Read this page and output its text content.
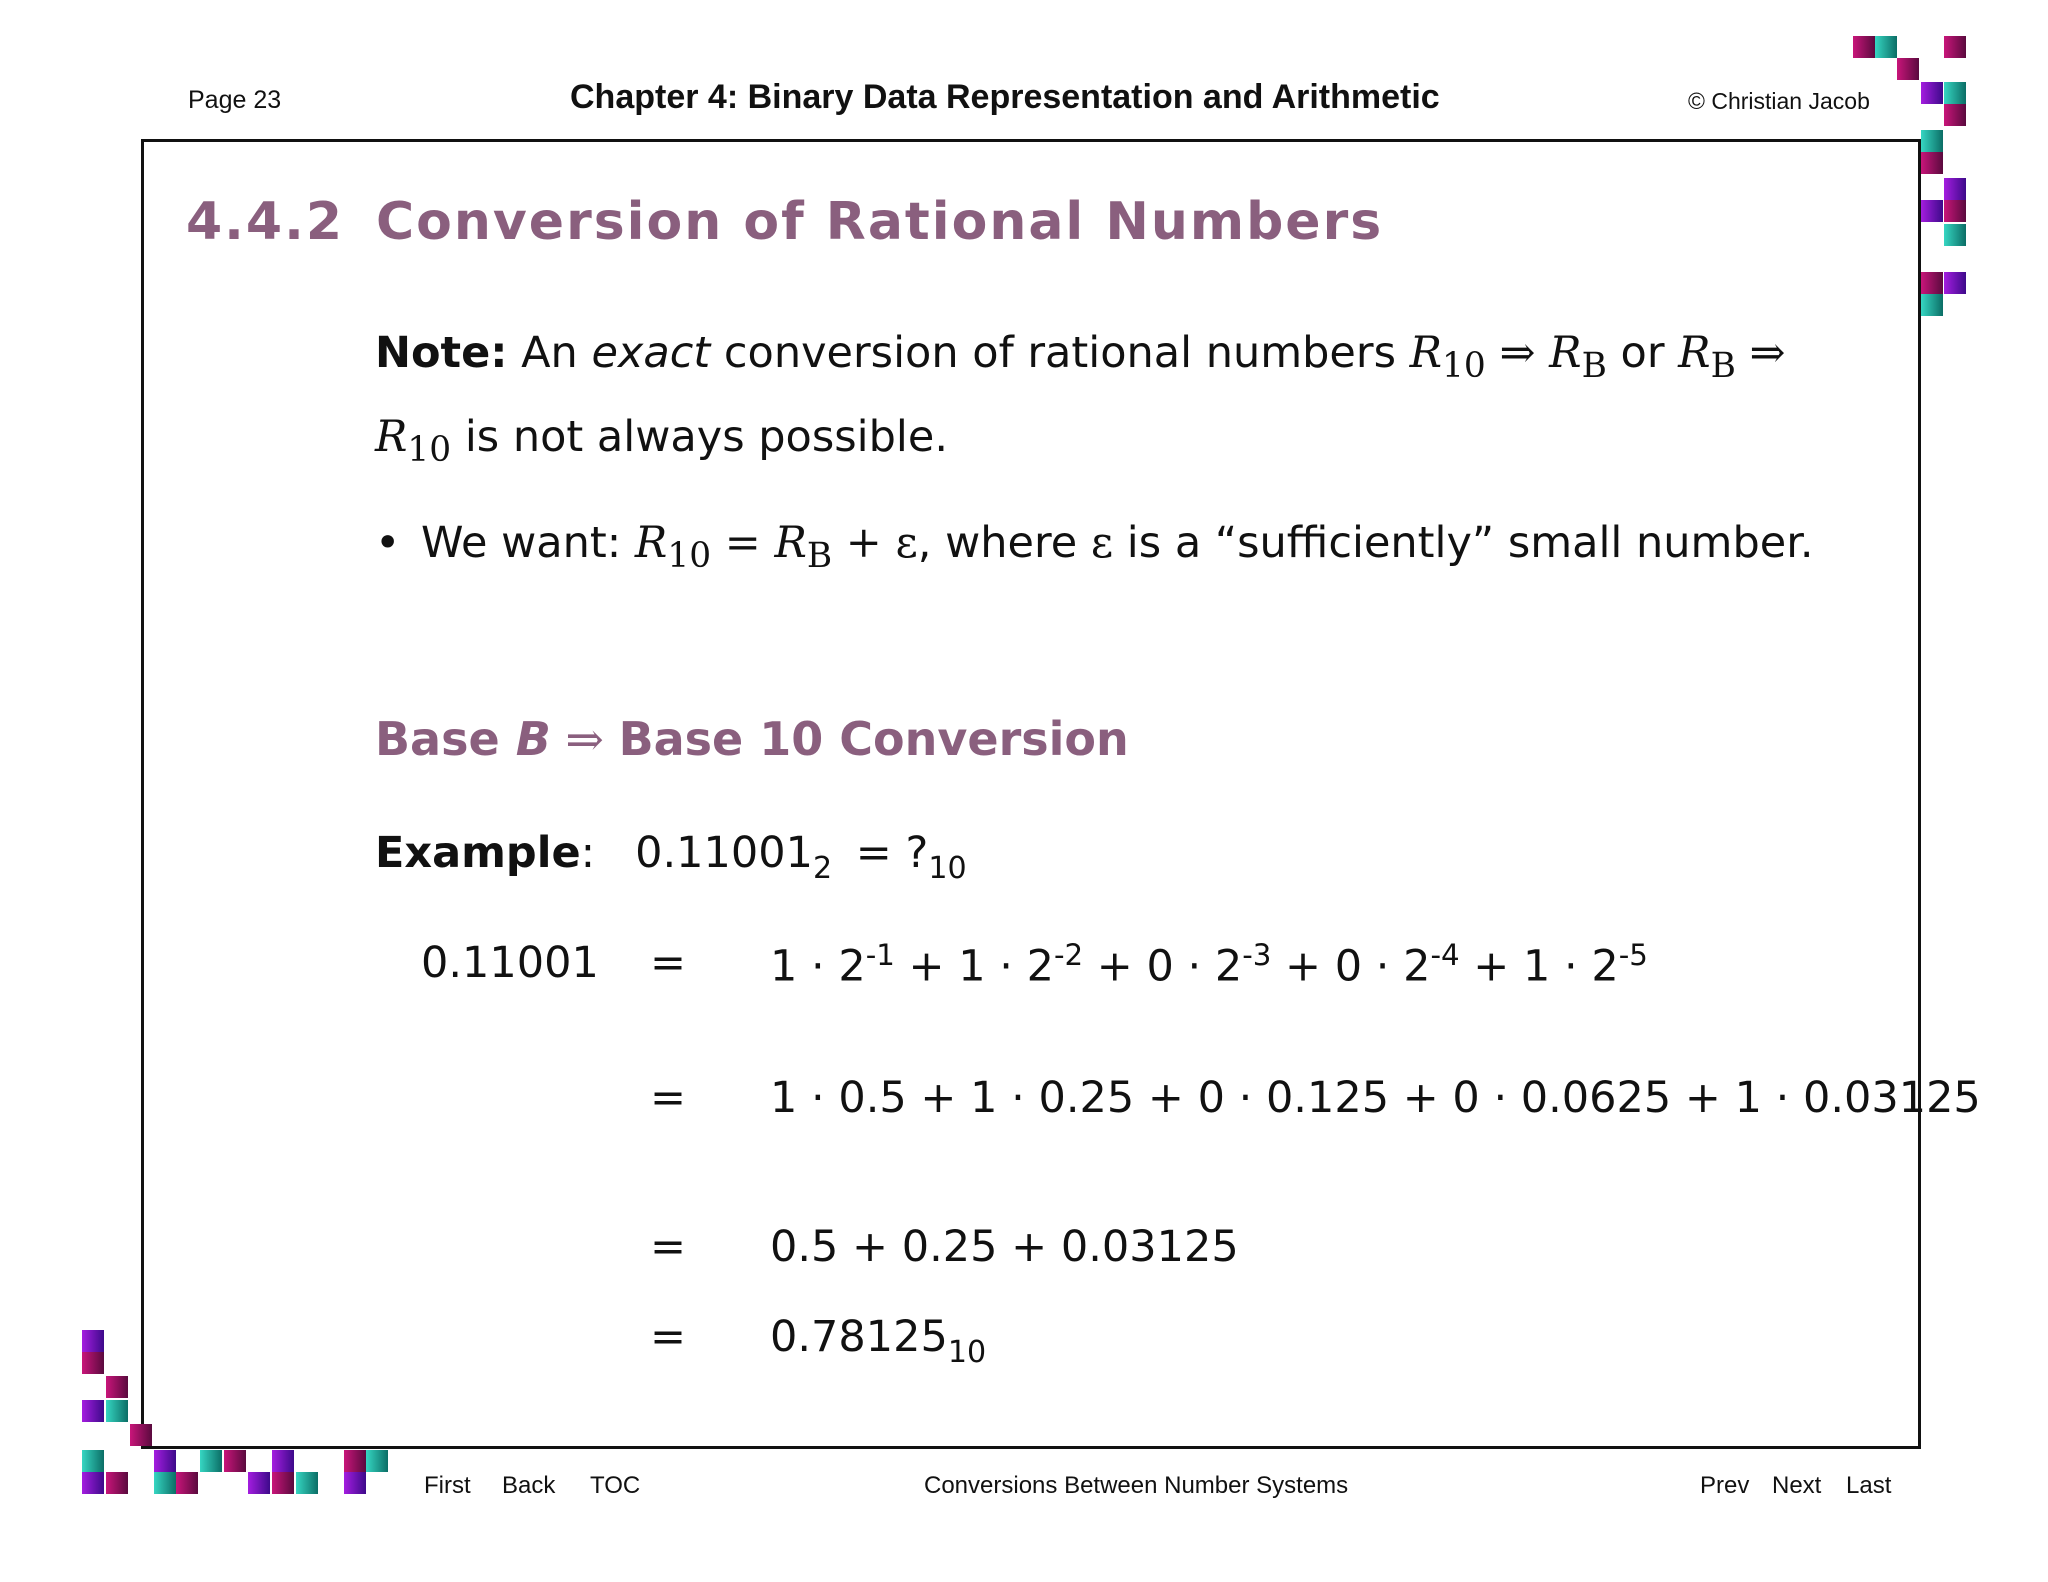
Page 23	Chapter 4: Binary Data Representation and Arithmetic	© Christian Jacob
4.4.2 Conversion of Rational Numbers
Note: An exact conversion of rational numbers $R_{10}$ ⇒ $R_B$ or $R_B$ ⇒
$R_{10}$ is not always possible.
• We want: $R_{10} = R_B + \varepsilon$, where ε is a “sufficiently” small number.
Base B ⇒ Base 10 Conversion
Example: $0.11001_2$ = $?_{10}$
$0.11001 = 1 \cdot 2^{-1} + 1 \cdot 2^{-2} + 0 \cdot 2^{-3} + 0 \cdot 2^{-4} + 1 \cdot 2^{-5}$
= 1 · 0.5 + 1 · 0.25 + 0 · 0.125 + 0 · 0.0625 + 1 · 0.03125
= 0.5 + 0.25 + 0.03125
= $0.78125_{10}$
First Back TOC	Conversions Between Number Systems	Prev Next Last
